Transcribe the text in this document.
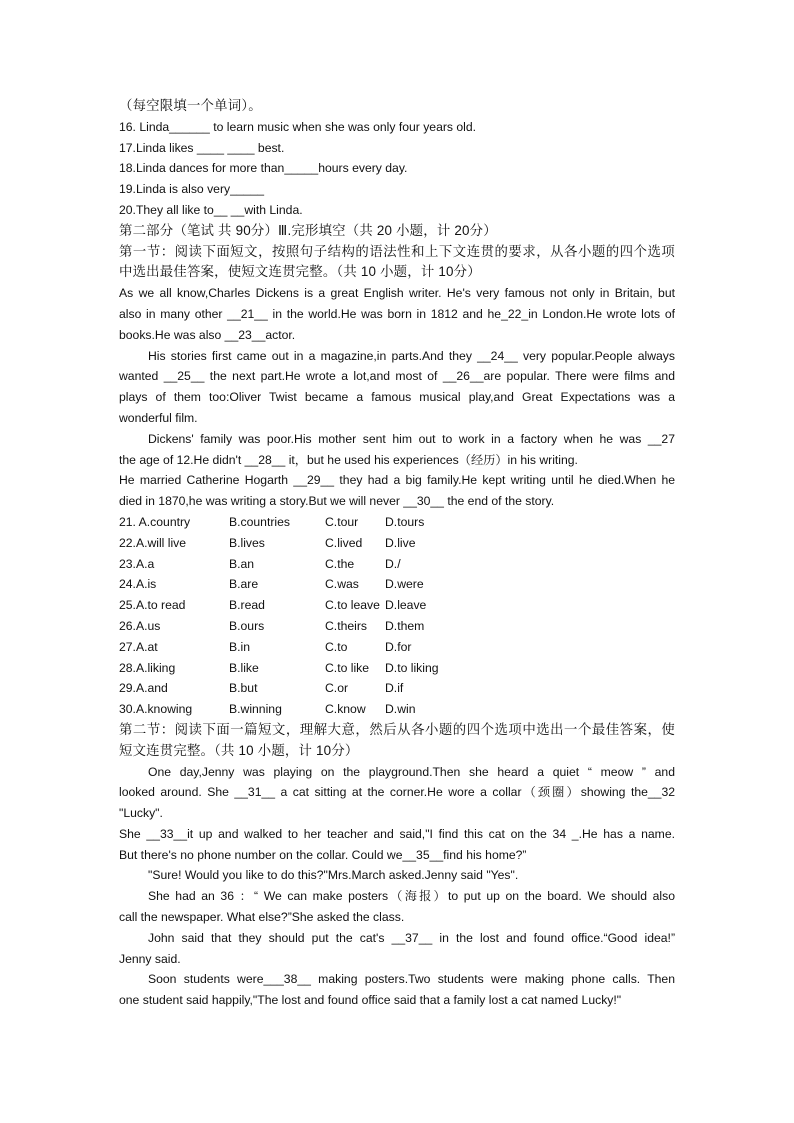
（每空限填一个单词）。
16. Linda______ to learn music when she was only four years old.
17.Linda likes ____ ____ best.
18.Linda dances for more than_____hours every day.
19.Linda is also very_____
20.They all like to__ __with Linda.
第二部分（笔试 共 90分）Ⅲ.完形填空（共 20 小题，计 20分）
第一节：阅读下面短文，按照句子结构的语法性和上下文连贯的要求，从各小题的四个选项
中选出最佳答案，使短文连贯完整。（共 10 小题，计 10分）
As we all know,Charles Dickens is a great English writer. He's very famous not only in Britain, but
also in many other __21__ in the world.He was born in 1812 and he_22_in London.He wrote lots of
books.He was also __23__actor.
His stories first came out in a magazine,in parts.And they __24__ very popular.People always
wanted __25__ the next part.He wrote a lot,and most of __26__are popular. There were films and
plays of them too:Oliver Twist became a famous musical play,and Great Expectations was a
wonderful film.
Dickens' family was poor.His mother sent him out to work in a factory when he was __27
the age of 12.He didn't __28__ it，but he used his experiences（经历）in his writing.
He married Catherine Hogarth __29__ they had a big family.He kept writing until he died.When he
died in 1870,he was writing a story.But we will never __30__ the end of the story.
21. A.country	B.countries	C.tour	D.tours
22.A.will live	B.lives	C.lived	D.live
23.A.a	B.an	C.the	D./
24.A.is	B.are	C.was	D.were
25.A.to read	B.read	C.to leave D.leave
26.A.us	B.ours	C.theirs	D.them
27.A.at	B.in	C.to	D.for
28.A.liking	B.like	C.to like	D.to liking
29.A.and	B.but	C.or	D.if
30.A.knowing	B.winning	C.know	D.win
第二节：阅读下面一篇短文，理解大意，然后从各小题的四个选项中选出一个最佳答案，使
短文连贯完整。（共 10 小题，计 10分）
One day,Jenny was playing on the playground.Then she heard a quiet “ meow ” and
looked around. She __31__ a cat sitting at the corner.He wore a collar（颈圈）showing the__32
"Lucky".
She __33__it up and walked to her teacher and said,"I find this cat on the 34 _.He has a name.
But there's no phone number on the collar. Could we__35__find his home?”
"Sure! Would you like to do this?"Mrs.March asked.Jenny said "Yes".
She had an 36 ：“ We can make posters（海报）to put up on the board. We should also
call the newspaper. What else?”She asked the class.
John said that they should put the cat's __37__ in the lost and found office.“Good idea!”
Jenny said.
Soon students were___38__ making posters.Two students were making phone calls. Then
one student said happily,"The lost and found office said that a family lost a cat named Lucky!"
